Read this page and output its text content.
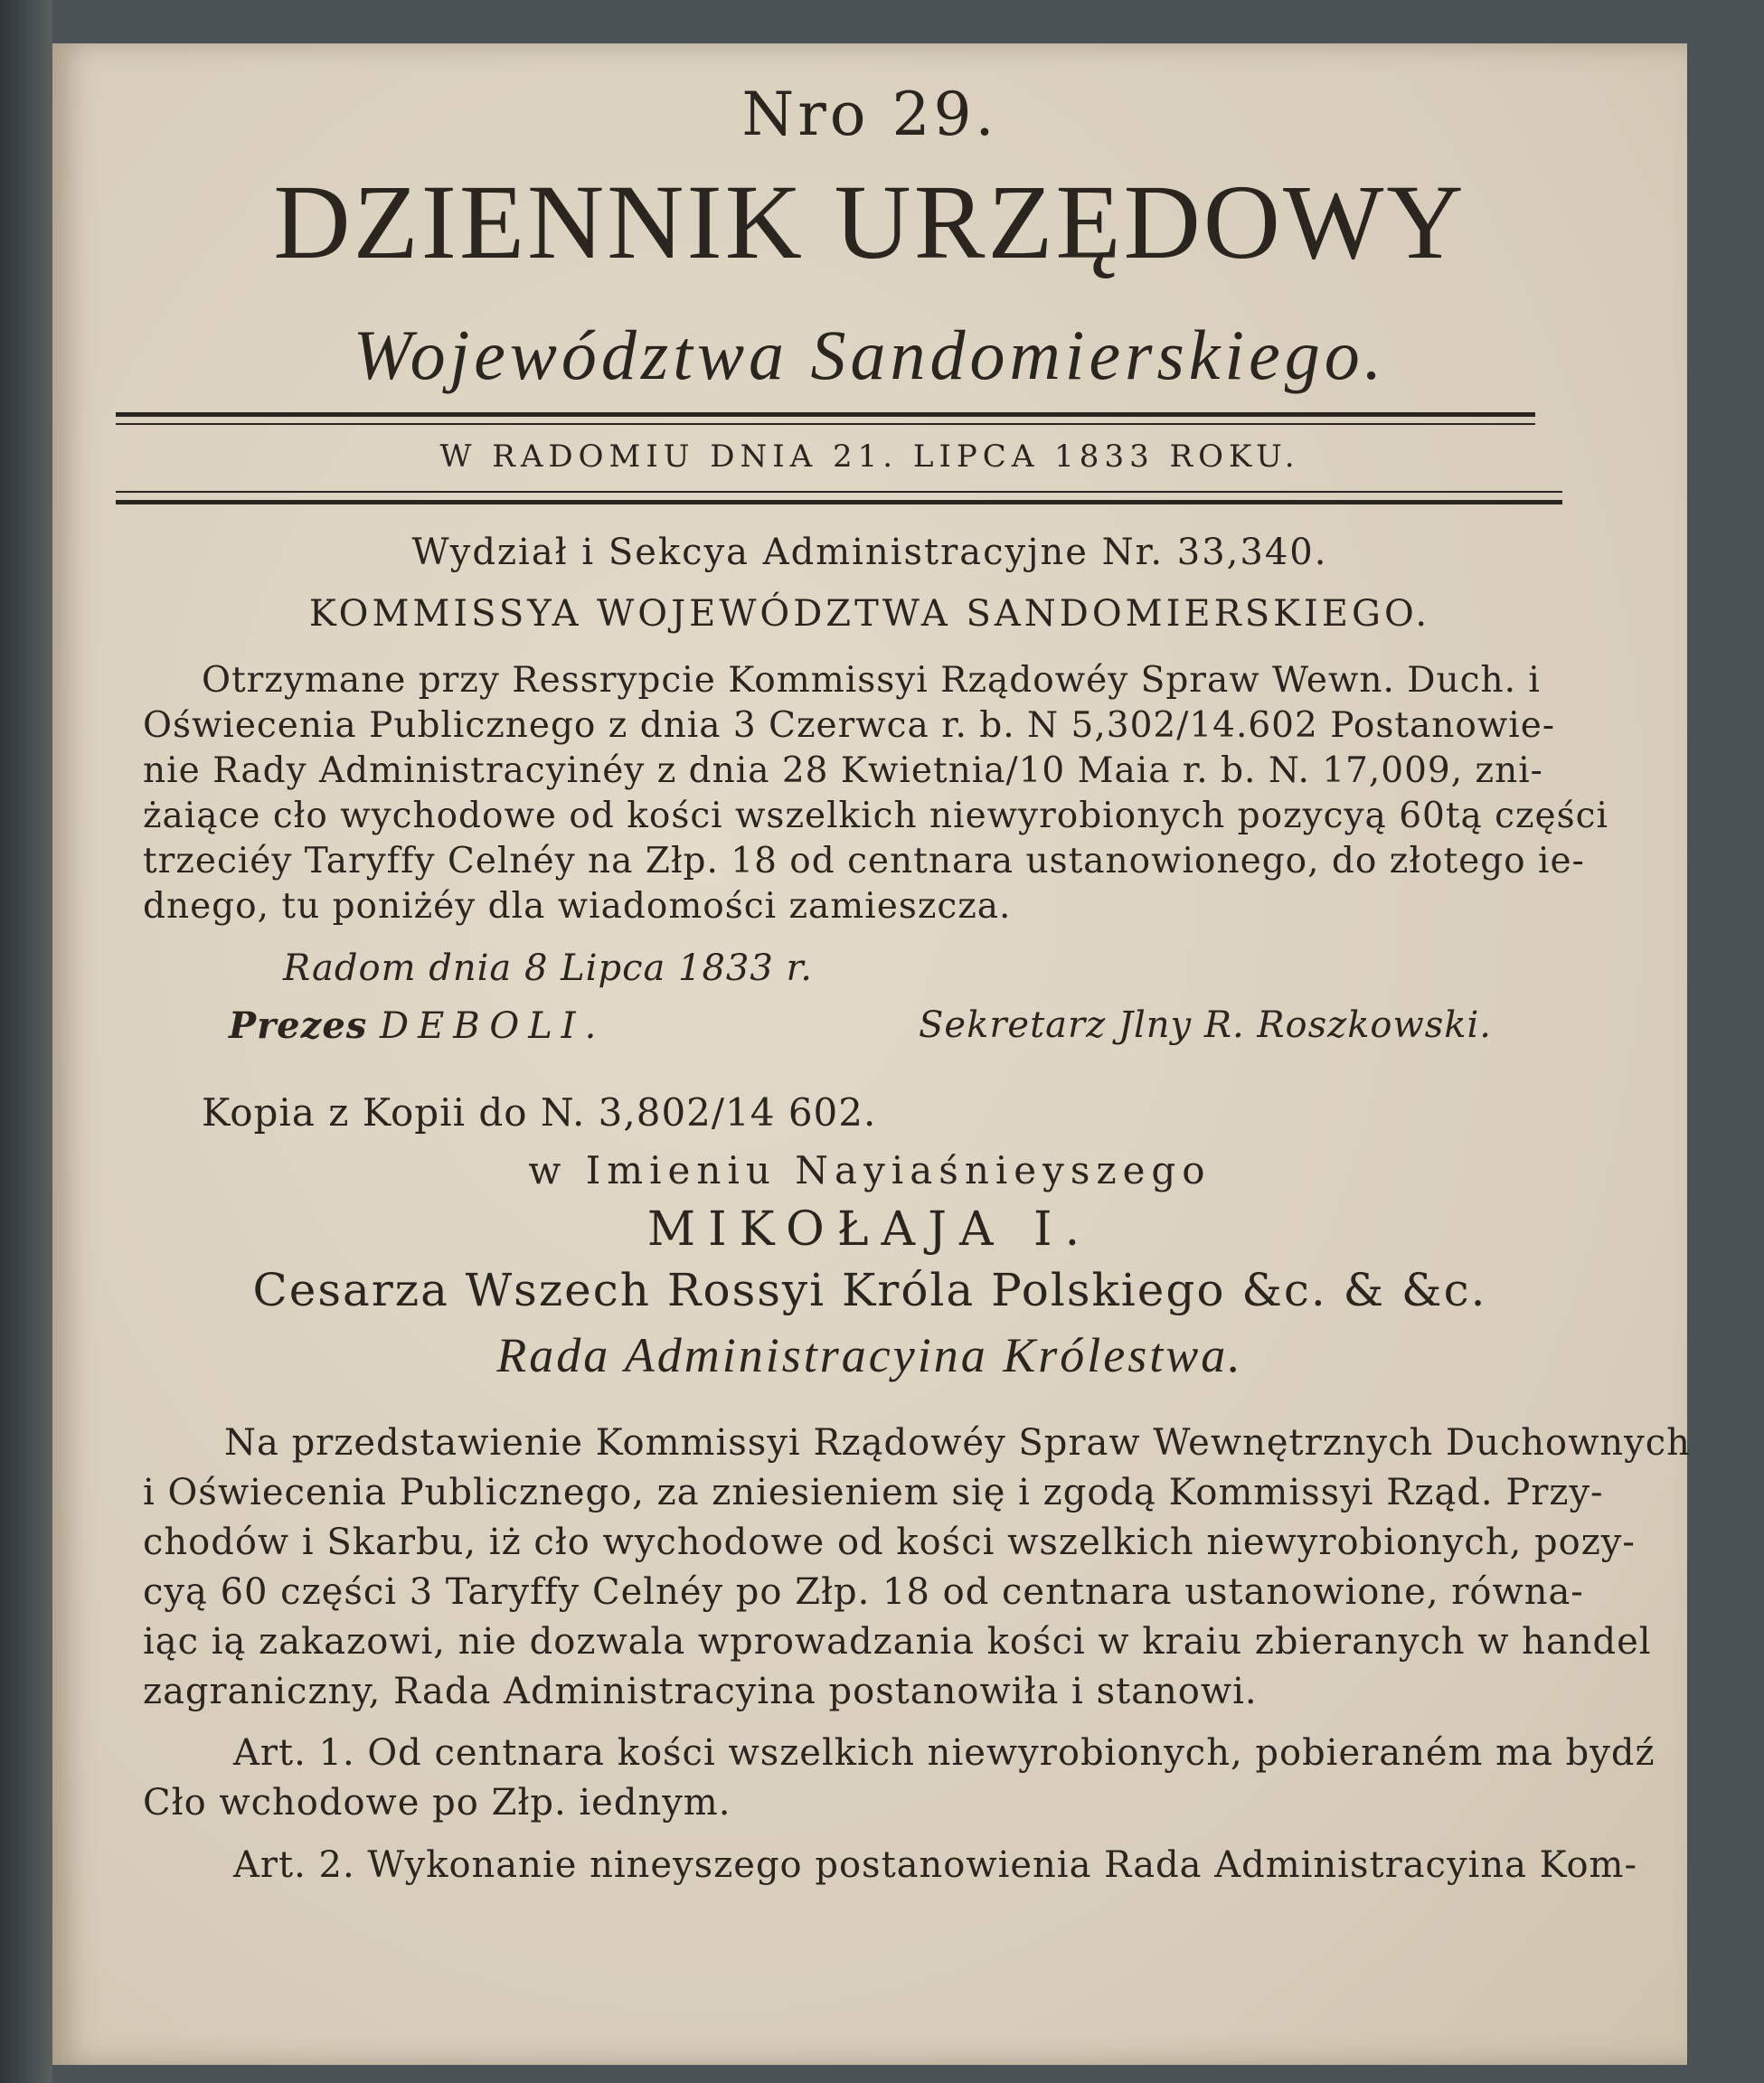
Nro 29.
DZIENNIK URZĘDOWY
Województwa Sandomierskiego.
W RADOMIU DNIA 21. LIPCA 1833 ROKU.
Wydział i Sekcya Administracyjne Nr. 33,340.
KOMMISSYA WOJEWÓDZTWA SANDOMIERSKIEGO.
Otrzymane przy Ressrypcie Kommissyi Rządowéy Spraw Wewn. Duch. i
Oświecenia Publicznego z dnia 3 Czerwca r. b. N 5,302/14.602 Postanowie-
nie Rady Administracyinéy z dnia 28 Kwietnia/10 Maia r. b. N. 17,009, zni-
żaiące cło wychodowe od kości wszelkich niewyrobionych pozycyą 60tą części
trzeciéy Taryffy Celnéy na Złp. 18 od centnara ustanowionego, do złotego ie-
dnego, tu poniżéy dla wiadomości zamieszcza.
Radom dnia 8 Lipca 1833 r.
Prezes DEBOLI.	Sekretarz Jlny R. Roszkowski.
Kopia z Kopii do N. 3,802/14 602.
w Imieniu Nayiaśnieyszego
MIKOŁAJA I.
Cesarza Wszech Rossyi Króla Polskiego &c. & &c.
Rada Administracyina Królestwa.
Na przedstawienie Kommissyi Rządowéy Spraw Wewnętrznych Duchownych
i Oświecenia Publicznego, za zniesieniem się i zgodą Kommissyi Rząd. Przy-
chodów i Skarbu, iż cło wychodowe od kości wszelkich niewyrobionych, pozy-
cyą 60 części 3 Taryffy Celnéy po Złp. 18 od centnara ustanowione, równa-
iąc ią zakazowi, nie dozwala wprowadzania kości w kraiu zbieranych w handel
zagraniczny, Rada Administracyina postanowiła i stanowi.
Art. 1. Od centnara kości wszelkich niewyrobionych, pobieraném ma bydź
Cło wchodowe po Złp. iednym.
Art. 2. Wykonanie nineyszego postanowienia Rada Administracyina Kom-
